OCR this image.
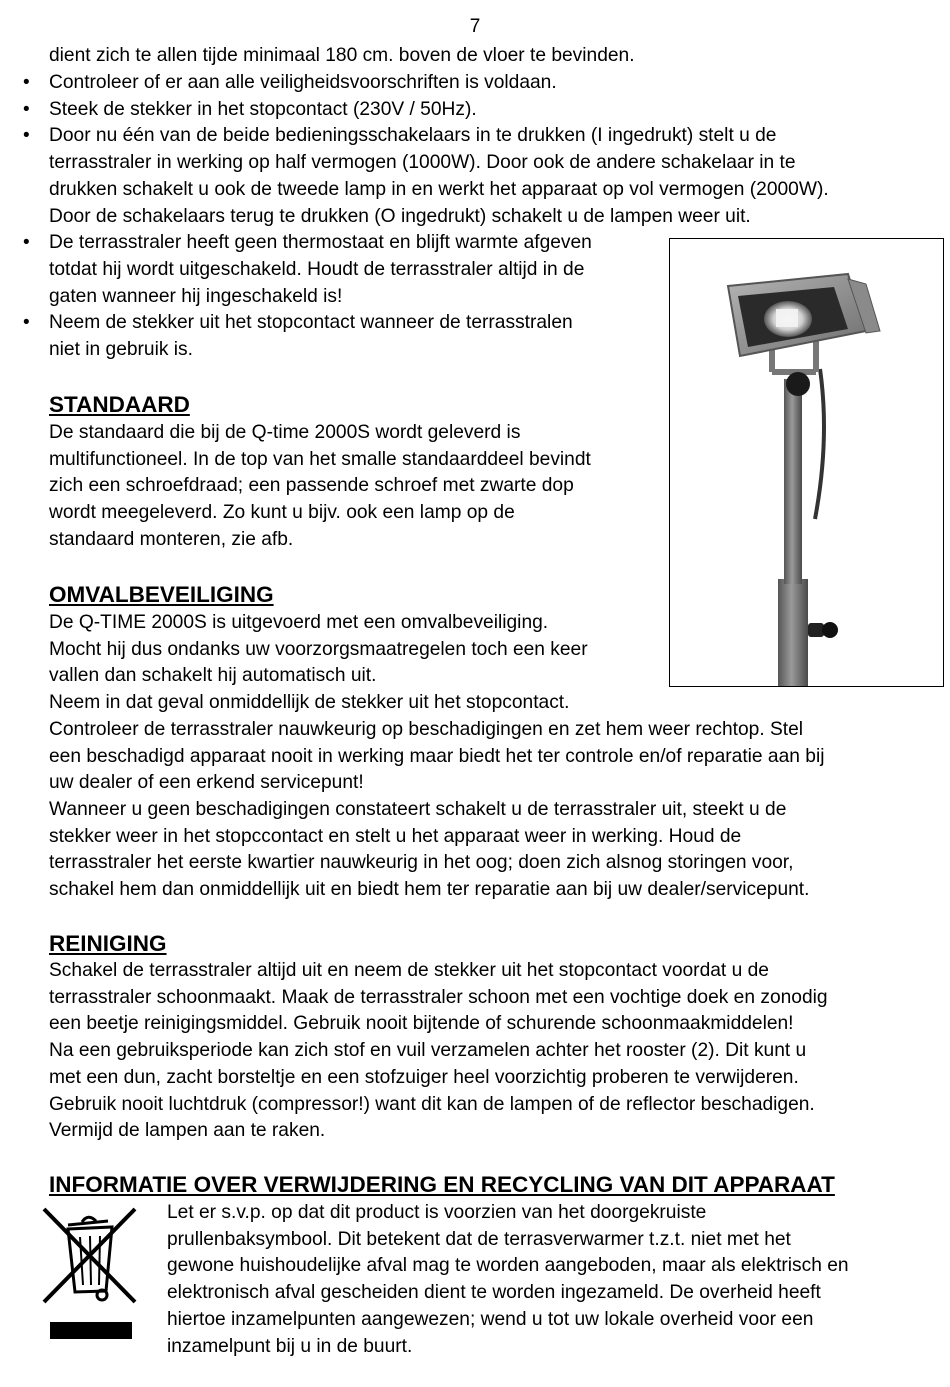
7
dient zich te allen tijde minimaal 180 cm. boven de vloer te bevinden.
• Controleer of er aan alle veiligheidsvoorschriften is voldaan.
• Steek de stekker in het stopcontact (230V / 50Hz).
• Door nu één van de beide bedieningsschakelaars in te drukken (I ingedrukt) stelt u de
terrasstraler in werking op half vermogen (1000W). Door ook de andere schakelaar in te
drukken schakelt u ook de tweede lamp in en werkt het apparaat op vol vermogen (2000W).
Door de schakelaars terug te drukken (O ingedrukt) schakelt u de lampen weer uit.
• De terrasstraler heeft geen thermostaat en blijft warmte afgeven
totdat hij wordt uitgeschakeld. Houdt de terrasstraler altijd in de
gaten wanneer hij ingeschakeld is!
• Neem de stekker uit het stopcontact wanneer de terrasstralen
niet in gebruik is.
STANDAARD
De standaard die bij de Q-time 2000S wordt geleverd is
multifunctioneel. In de top van het smalle standaarddeel bevindt
zich een schroefdraad; een passende schroef met zwarte dop
wordt meegeleverd. Zo kunt u bijv. ook een lamp op de
standaard monteren, zie afb.
OMVALBEVEILIGING
De Q-TIME 2000S is uitgevoerd met een omvalbeveiliging.
Mocht hij dus ondanks uw voorzorgsmaatregelen toch een keer
vallen dan schakelt hij automatisch uit.
Neem in dat geval onmiddellijk de stekker uit het stopcontact.
Controleer de terrasstraler nauwkeurig op beschadigingen en zet hem weer rechtop. Stel
een beschadigd apparaat nooit in werking maar biedt het ter controle en/of reparatie aan bij
uw dealer of een erkend servicepunt!
Wanneer u geen beschadigingen constateert schakelt u de terrasstraler uit, steekt u de
stekker weer in het stopccontact en stelt u het apparaat weer in werking. Houd de
terrasstraler het eerste kwartier nauwkeurig in het oog; doen zich alsnog storingen voor,
schakel hem dan onmiddellijk uit en biedt hem ter reparatie aan bij uw dealer/servicepunt.
REINIGING
Schakel de terrasstraler altijd uit en neem de stekker uit het stopcontact voordat u de
terrasstraler schoonmaakt. Maak de terrasstraler schoon met een vochtige doek en zonodig
een beetje reinigingsmiddel. Gebruik nooit bijtende of schurende schoonmaakmiddelen!
Na een gebruiksperiode kan zich stof en vuil verzamelen achter het rooster (2). Dit kunt u
met een dun, zacht borsteltje en een stofzuiger heel voorzichtig proberen te verwijderen.
Gebruik nooit luchtdruk (compressor!) want dit kan de lampen of de reflector beschadigen.
Vermijd de lampen aan te raken.
INFORMATIE OVER VERWIJDERING EN RECYCLING VAN DIT APPARAAT
Let er s.v.p. op dat dit product is voorzien van het doorgekruiste
prullenbaksymbool. Dit betekent dat de terrasverwarmer t.z.t. niet met het
gewone huishoudelijke afval mag te worden aangeboden, maar als elektrisch en
elektronisch afval gescheiden dient te worden ingezameld. De overheid heeft
hiertoe inzamelpunten aangewezen; wend u tot uw lokale overheid voor een
inzamelpunt bij u in de buurt.
